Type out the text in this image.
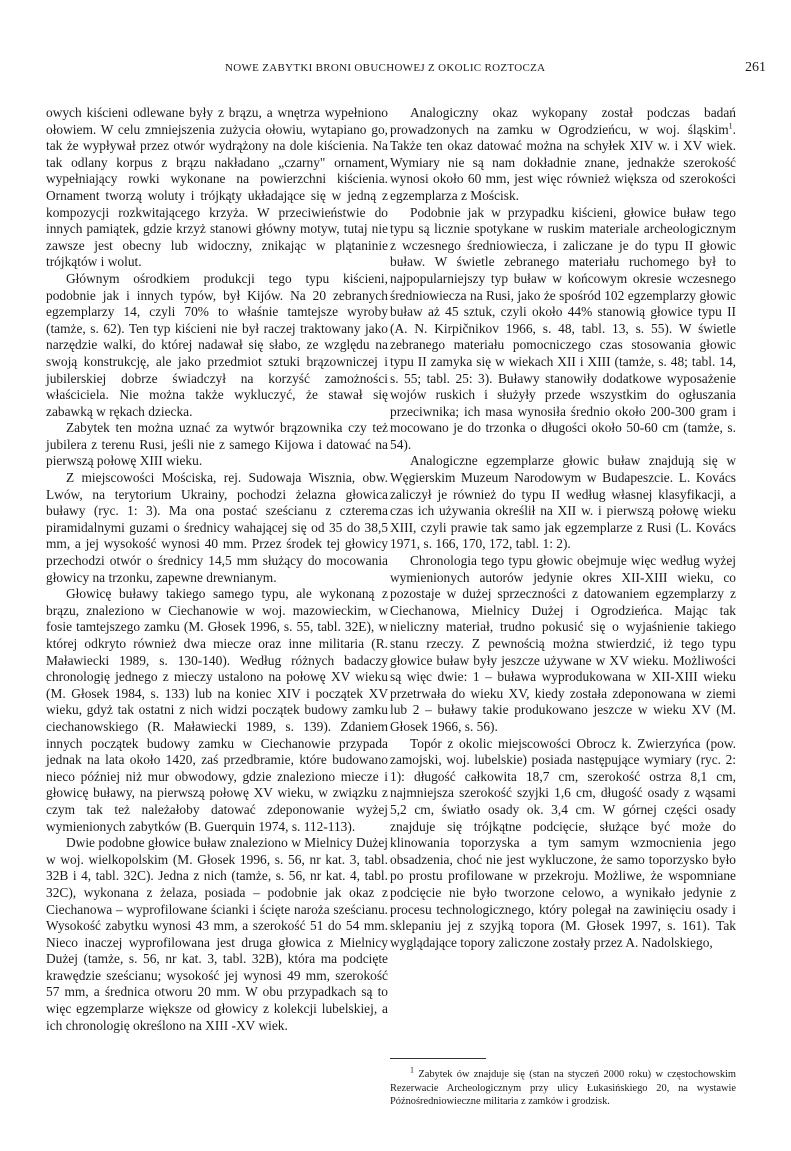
NOWE ZABYTKI BRONI OBUCHOWEJ Z OKOLIC ROZTOCZA	261

owych kiścieni odlewane były z brązu, a wnętrza wypełniono ołowiem. W celu zmniejszenia zużycia ołowiu, wytapiano go, tak że wypływał przez otwór wydrążony na dole kiścienia. Na tak odlany korpus z brązu nakładano „czarny" ornament, wypełniający rowki wykonane na powierzchni kiścienia. Ornament tworzą woluty i trójkąty układające się w jedną z kompozycji rozkwitającego krzyża. W przeciwieństwie do innych pamiątek, gdzie krzyż stanowi główny motyw, tutaj nie zawsze jest obecny lub widoczny, znikając w plątaninie trójkątów i wolut.

Głównym ośrodkiem produkcji tego typu kiścieni, podobnie jak i innych typów, był Kijów. Na 20 zebranych egzemplarzy 14, czyli 70% to właśnie tamtejsze wyroby (tamże, s. 62). Ten typ kiścieni nie był raczej traktowany jako narzędzie walki, do której nadawał się słabo, ze względu na swoją konstrukcję, ale jako przedmiot sztuki brązowniczej i jubilerskiej dobrze świadczył na korzyść zamożności właściciela. Nie można także wykluczyć, że stawał się zabawką w rękach dziecka.

Zabytek ten można uznać za wytwór brązownika czy też jubilera z terenu Rusi, jeśli nie z samego Kijowa i datować na pierwszą połowę XIII wieku.

Z miejscowości Mościska, rej. Sudowaja Wisznia, obw. Lwów, na terytorium Ukrainy, pochodzi żelazna głowica buławy (ryc. 1: 3). Ma ona postać sześcianu z czterema piramidalnymi guzami o średnicy wahającej się od 35 do 38,5 mm, a jej wysokość wynosi 40 mm. Przez środek tej głowicy przechodzi otwór o średnicy 14,5 mm służący do mocowania głowicy na trzonku, zapewne drewnianym.

Głowicę buławy takiego samego typu, ale wykonaną z brązu, znaleziono w Ciechanowie w woj. mazowieckim, w fosie tamtejszego zamku (M. Głosek 1996, s. 55, tabl. 32E), w której odkryto również dwa miecze oraz inne militaria (R. Maławiecki 1989, s. 130-140). Według różnych badaczy chronologię jednego z mieczy ustalono na połowę XV wieku (M. Głosek 1984, s. 133) lub na koniec XIV i początek XV wieku, gdyż tak ostatni z nich widzi początek budowy zamku ciechanowskiego (R. Maławiecki 1989, s. 139). Zdaniem innych początek budowy zamku w Ciechanowie przypada jednak na lata około 1420, zaś przedbramie, które budowano nieco później niż mur obwodowy, gdzie znaleziono miecze i głowicę buławy, na pierwszą połowę XV wieku, w związku z czym tak też należałoby datować zdeponowanie wyżej wymienionych zabytków (B. Guerquin 1974, s. 112-113).

Dwie podobne głowice buław znaleziono w Mielnicy Dużej w woj. wielkopolskim (M. Głosek 1996, s. 56, nr kat. 3, tabl. 32B i 4, tabl. 32C). Jedna z nich (tamże, s. 56, nr kat. 4, tabl. 32C), wykonana z żelaza, posiada – podobnie jak okaz z Ciechanowa – wyprofilowane ścianki i ścięte naroża sześcianu. Wysokość zabytku wynosi 43 mm, a szerokość 51 do 54 mm. Nieco inaczej wyprofilowana jest druga głowica z Mielnicy Dużej (tamże, s. 56, nr kat. 3, tabl. 32B), która ma podcięte krawędzie sześcianu; wysokość jej wynosi 49 mm, szerokość 57 mm, a średnica otworu 20 mm. W obu przypadkach są to więc egzemplarze większe od głowicy z kolekcji lubelskiej, a ich chronologię określono na XIII -XV wiek.

Analogiczny okaz wykopany został podczas badań prowadzonych na zamku w Ogrodzieńcu, w woj. śląskim$^1$. Także ten okaz datować można na schyłek XIV w. i XV wiek. Wymiary nie są nam dokładnie znane, jednakże szerokość wynosi około 60 mm, jest więc również większa od szerokości egzemplarza z Mościsk.

Podobnie jak w przypadku kiścieni, głowice buław tego typu są licznie spotykane w ruskim materiale archeologicznym z wczesnego średniowiecza, i zaliczane je do typu II głowic buław. W świetle zebranego materiału ruchomego był to najpopularniejszy typ buław w końcowym okresie wczesnego średniowiecza na Rusi, jako że spośród 102 egzemplarzy głowic buław aż 45 sztuk, czyli około 44% stanowią głowice typu II (A. N. Kirpičnikov 1966, s. 48, tabl. 13, s. 55). W świetle zebranego materiału pomocniczego czas stosowania głowic typu II zamyka się w wiekach XII i XIII (tamże, s. 48; tabl. 14, s. 55; tabl. 25: 3). Buławy stanowiły dodatkowe wyposażenie wojów ruskich i służyły przede wszystkim do ogłuszania przeciwnika; ich masa wynosiła średnio około 200-300 gram i mocowano je do trzonka o długości około 50-60 cm (tamże, s. 54).

Analogiczne egzemplarze głowic buław znajdują się w Węgierskim Muzeum Narodowym w Budapeszcie. L. Kovács zaliczył je również do typu II według własnej klasyfikacji, a czas ich używania określił na XII w. i pierwszą połowę wieku XIII, czyli prawie tak samo jak egzemplarze z Rusi (L. Kovács 1971, s. 166, 170, 172, tabl. 1: 2).

Chronologia tego typu głowic obejmuje więc według wyżej wymienionych autorów jedynie okres XII-XIII wieku, co pozostaje w dużej sprzeczności z datowaniem egzemplarzy z Ciechanowa, Mielnicy Dużej i Ogrodzieńca. Mając tak nieliczny materiał, trudno pokusić się o wyjaśnienie takiego stanu rzeczy. Z pewnością można stwierdzić, iż tego typu głowice buław były jeszcze używane w XV wieku. Możliwości są więc dwie: 1 – buława wyprodukowana w XII-XIII wieku przetrwała do wieku XV, kiedy została zdeponowana w ziemi lub 2 – buławy takie produkowano jeszcze w wieku XV (M. Głosek 1966, s. 56).

Topór z okolic miejscowości Obrocz k. Zwierzyńca (pow. zamojski, woj. lubelskie) posiada następujące wymiary (ryc. 2: 1): długość całkowita 18,7 cm, szerokość ostrza 8,1 cm, najmniejsza szerokość szyjki 1,6 cm, długość osady z wąsami 5,2 cm, światło osady ok. 3,4 cm. W górnej części osady znajduje się trójkątne podcięcie, służące być może do klinowania toporzyska a tym samym wzmocnienia jego obsadzenia, choć nie jest wykluczone, że samo toporzysko było po prostu profilowane w przekroju. Możliwe, że wspomniane podcięcie nie było tworzone celowo, a wynikało jedynie z procesu technologicznego, który polegał na zawinięciu osady i sklepaniu jej z szyjką topora (M. Głosek 1997, s. 161). Tak wyglądające topory zaliczone zostały przez A. Nadolskiego,

$^1$ Zabytek ów znajduje się (stan na styczeń 2000 roku) w częstochowskim Rezerwacie Archeologicznym przy ulicy Łukasińskiego 20, na wystawie Późnośredniowieczne militaria z zamków i grodzisk.
